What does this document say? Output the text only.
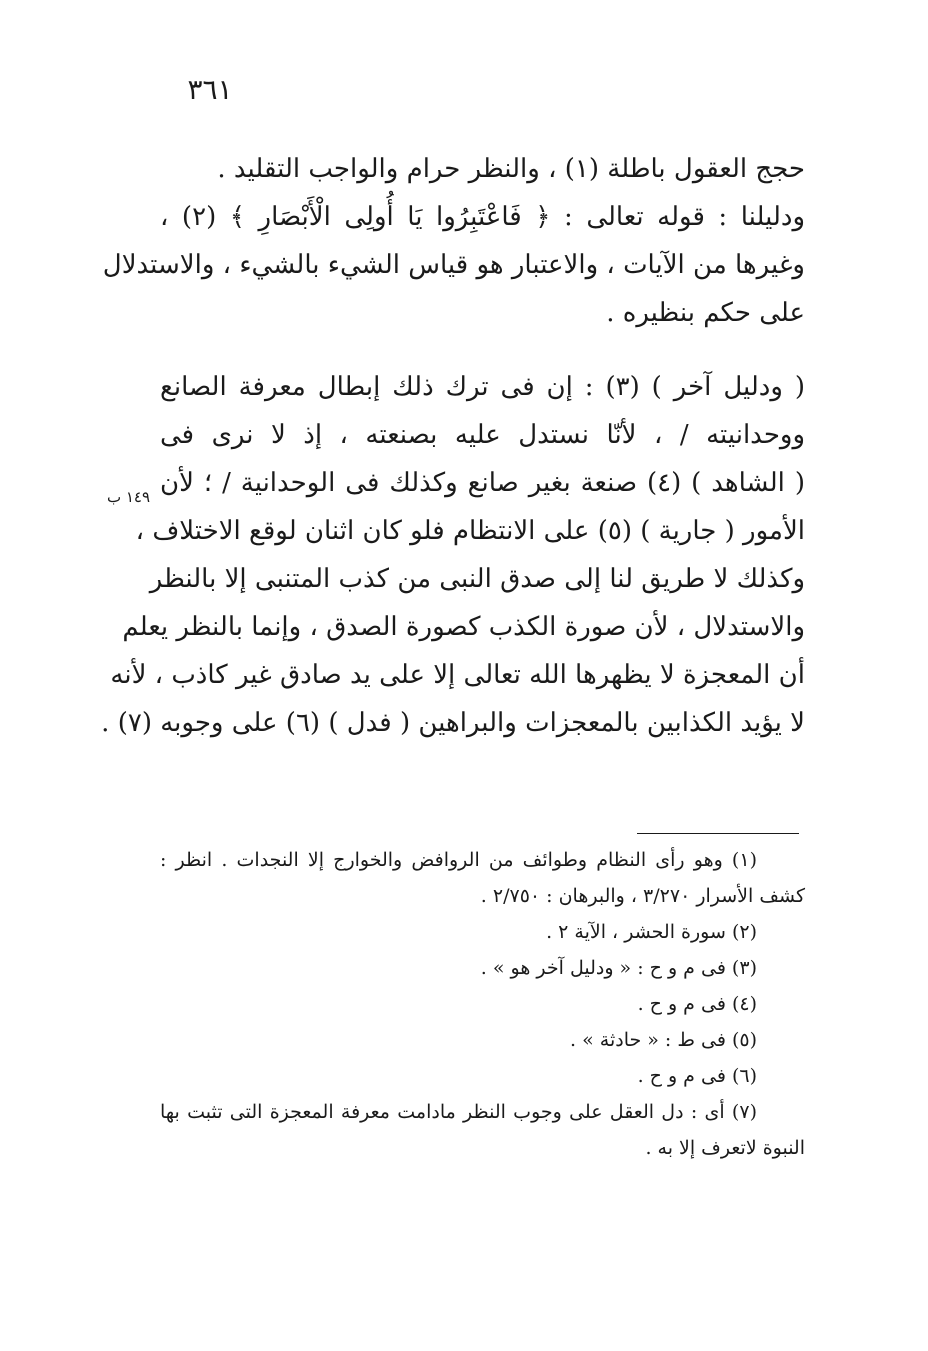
٣٦١
١٤٩ ب
حجج العقول باطلة (١) ، والنظر حرام والواجب التقليد .
ودليلنا : قوله تعالى : ﴿ فَاعْتَبِرُوا يَا أُولِى الْأَبْصَارِ ﴾ (٢) ،
وغيرها من الآيات ، والاعتبار هو قياس الشيء بالشيء ، والاستدلال
على حكم بنظيره .
( ودليل آخر ) (٣) : إن فى ترك ذلك إبطال معرفة الصانع
ووحدانيته / ، لأنّا نستدل عليه بصنعته ، إذ لا نرى فى
( الشاهد ) (٤) صنعة بغير صانع وكذلك فى الوحدانية / ؛ لأن
الأمور ( جارية ) (٥) على الانتظام فلو كان اثنان لوقع الاختلاف ،
وكذلك لا طريق لنا إلى صدق النبى من كذب المتنبى إلا بالنظر
والاستدلال ، لأن صورة الكذب كصورة الصدق ، وإنما بالنظر يعلم
أن المعجزة لا يظهرها الله تعالى إلا على يد صادق غير كاذب ، لأنه
لا يؤيد الكذابين بالمعجزات والبراهين ( فدل ) (٦) على وجوبه (٧) .
(١) وهو رأى النظام وطوائف من الروافض والخوارج إلا النجدات . انظر :
كشف الأسرار ٣/٢٧٠ ، والبرهان : ٢/٧٥٠ .
(٢) سورة الحشر ، الآية ٢ .
(٣) فى م و ح : « ودليل آخر هو » .
(٤) فى م و ح .
(٥) فى ط : « حادثة » .
(٦) فى م و ح .
(٧) أى : دل العقل على وجوب النظر مادامت معرفة المعجزة التى تثبت بها
النبوة لاتعرف إلا به .
